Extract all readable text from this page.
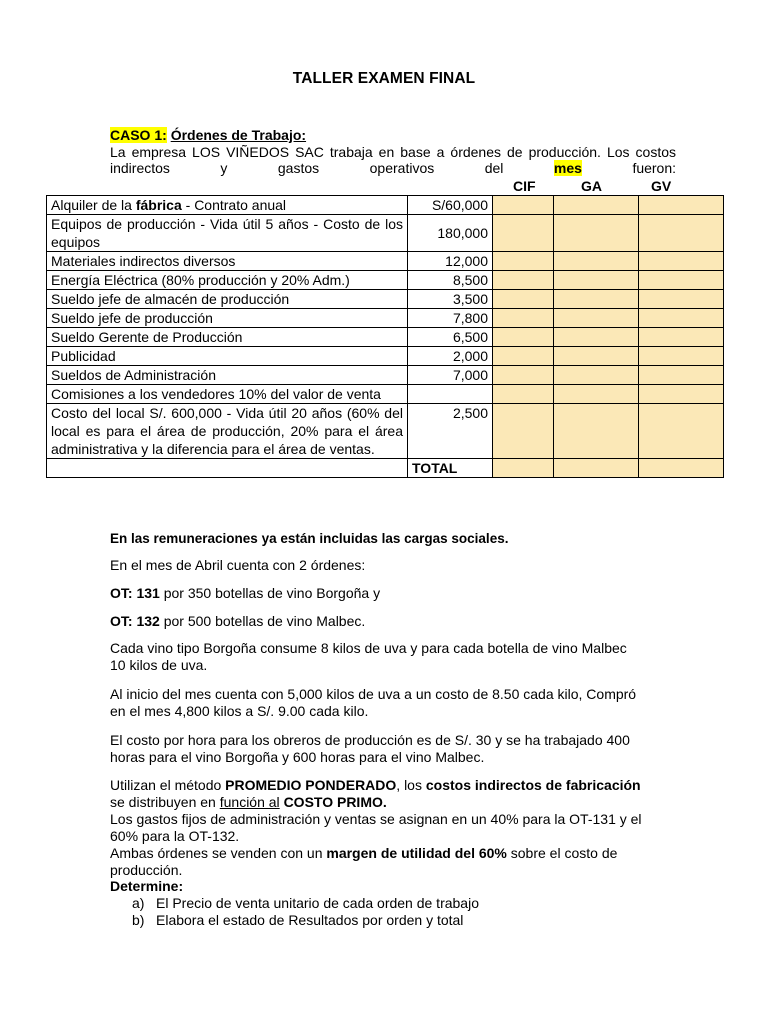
TALLER EXAMEN FINAL
CASO 1: Órdenes de Trabajo:
La empresa LOS VIÑEDOS SAC trabaja en base a órdenes de producción. Los costos indirectos y gastos operativos del	mes	fueron:
CIF	GA	GV
Alquiler de la fábrica - Contrato anual	S/60,000			
Equipos de producción - Vida útil 5 años - Costo de los equipos	180,000			
Materiales indirectos diversos	12,000			
Energía Eléctrica (80% producción y 20% Adm.)	8,500			
Sueldo jefe de almacén de producción	3,500			
Sueldo jefe de producción	7,800			
Sueldo Gerente de Producción	6,500			
Publicidad	2,000			
Sueldos de Administración	7,000			
Comisiones a los vendedores 10% del valor de venta				
Costo del local S/. 600,000 - Vida útil 20 años (60% del local es para el área de producción, 20% para el área administrativa y la diferencia para el área de ventas.	2,500			
	TOTAL			
En las remuneraciones ya están incluidas las cargas sociales.
En el mes de Abril cuenta con 2 órdenes:
OT: 131 por 350 botellas de vino Borgoña y
OT: 132 por 500 botellas de vino Malbec.
Cada vino tipo Borgoña consume 8 kilos de uva y para cada botella de vino Malbec 10 kilos de uva.
Al inicio del mes cuenta con 5,000 kilos de uva a un costo de 8.50 cada kilo, Compró en el mes 4,800 kilos a S/. 9.00 cada kilo.
El costo por hora para los obreros de producción es de S/. 30 y se ha trabajado 400 horas para el vino Borgoña y 600 horas para el vino Malbec.
Utilizan el método PROMEDIO PONDERADO, los costos indirectos de fabricación se distribuyen en función al COSTO PRIMO.
Los gastos fijos de administración y ventas se asignan en un 40% para la OT-131 y el 60% para la OT-132.
Ambas órdenes se venden con un margen de utilidad del 60% sobre el costo de producción.
Determine:
a) El Precio de venta unitario de cada orden de trabajo
b) Elabora el estado de Resultados por orden y total
